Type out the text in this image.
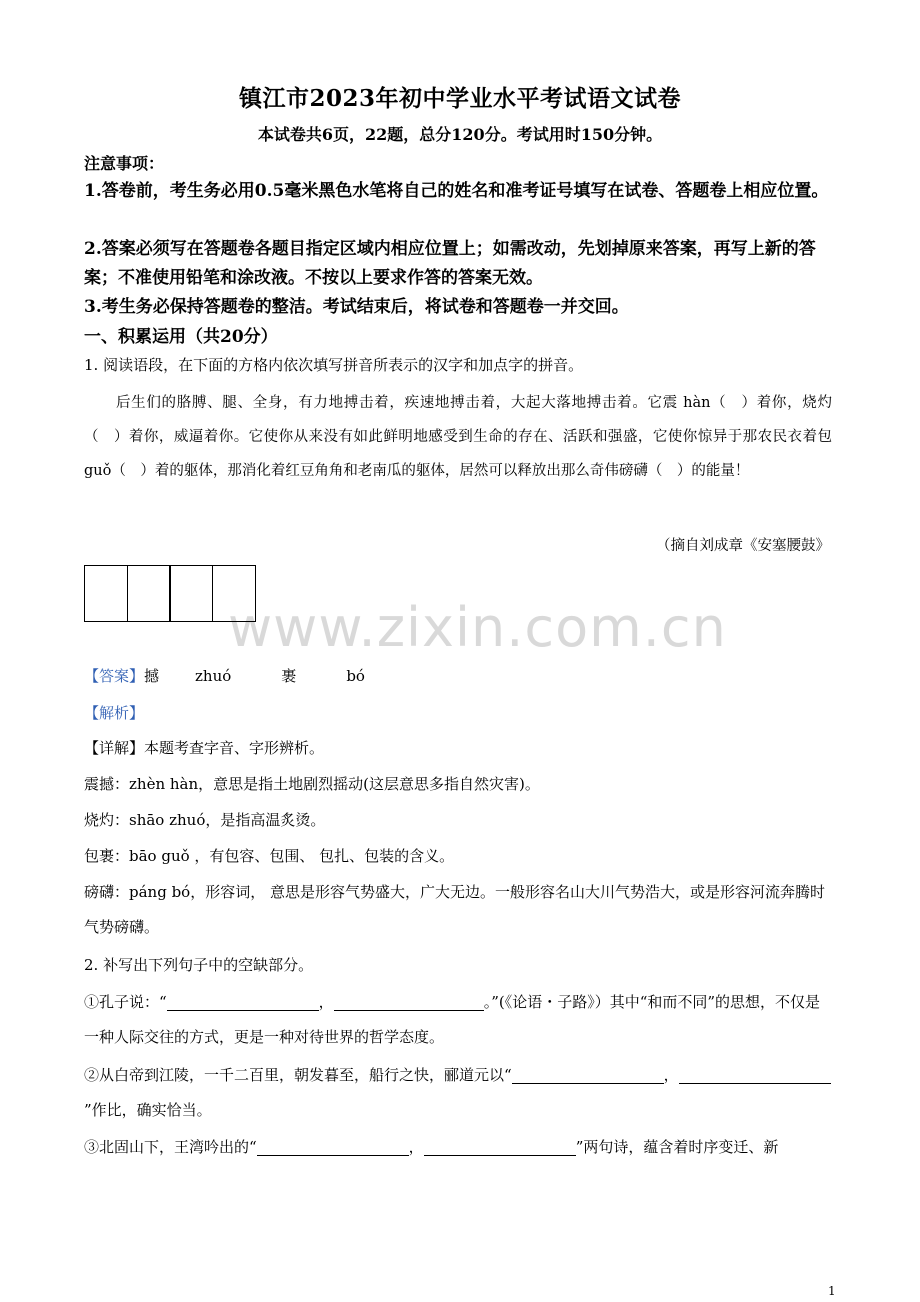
www.zixin.com.cn
镇江市2023年初中学业水平考试语文试卷
本试卷共6页，22题，总分120分。考试用时150分钟。
注意事项：
1.答卷前，考生务必用0.5毫米黑色水笔将自己的姓名和准考证号填写在试卷、答题卷上相应位置。
2.答案必须写在答题卷各题目指定区域内相应位置上；如需改动，先划掉原来答案，再写上新的答案；不准使用铅笔和涂改液。不按以上要求作答的答案无效。
3.考生务必保持答题卷的整洁。考试结束后，将试卷和答题卷一并交回。
一、积累运用（共20分）
1. 阅读语段，在下面的方格内依次填写拼音所表示的汉字和加点字的拼音。
后生们的胳膊、腿、全身，有力地搏击着，疾速地搏击着，大起大落地搏击着。它震 hàn（　）着你，烧灼（　）着你，威逼着你。它使你从来没有如此鲜明地感受到生命的存在、活跃和强盛，它使你惊异于那农民衣着包 guǒ（　）着的躯体，那消化着红豆角角和老南瓜的躯体，居然可以释放出那么奇伟磅礴（　）的能量！
（摘自刘成章《安塞腰鼓》
【答案】撼 zhuó	裹	bó
【解析】
【详解】本题考查字音、字形辨析。
震撼：zhèn hàn，意思是指土地剧烈摇动(这层意思多指自然灾害)。
烧灼：shāo zhuó，是指高温炙烫。
包裹：bāo guǒ ，有包容、包围、 包扎、包装的含义。
磅礴：páng bó，形容词， 意思是形容气势盛大，广大无边。一般形容名山大川气势浩大，或是形容河流奔腾时气势磅礴。
2. 补写出下列句子中的空缺部分。
①孔子说：“	，	。”(《论语・子路》）其中“和而不同”的思想，不仅是一种人际交往的方式，更是一种对待世界的哲学态度。
②从白帝到江陵，一千二百里，朝发暮至，船行之快，郦道元以“	，”作比，确实恰当。
③北固山下，王湾吟出的“	，	”两句诗，蕴含着时序变迁、新
1
